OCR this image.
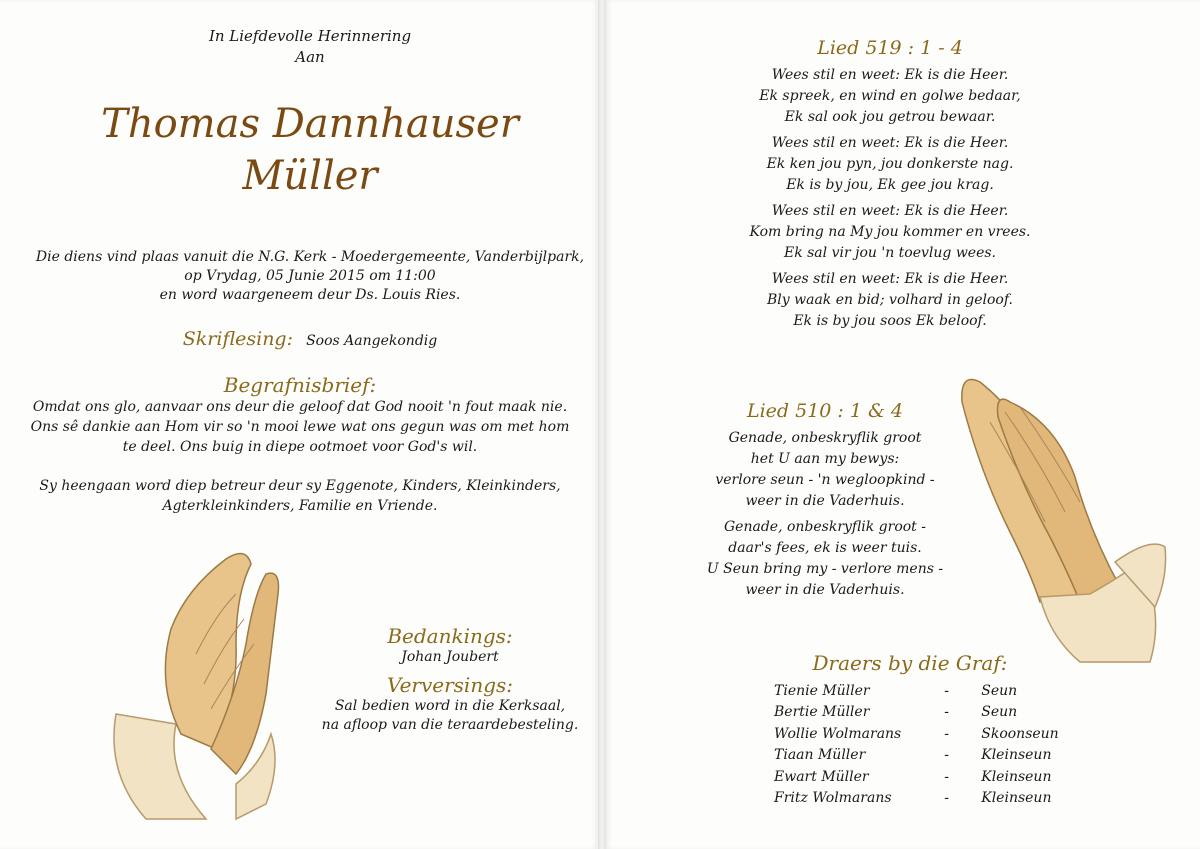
In Liefdevolle Herinnering
Aan
Thomas Dannhauser
Müller
Die diens vind plaas vanuit die N.G. Kerk - Moedergemeente, Vanderbijlpark,
op Vrydag, 05 Junie 2015 om 11:00
en word waargeneem deur Ds. Louis Ries.
Skriflesing: Soos Aangekondig
Begrafnisbrief:

Omdat ons glo, aanvaar ons deur die geloof dat God nooit 'n fout maak nie.

Ons sê dankie aan Hom vir so 'n mooi lewe wat ons gegun was om met hom

te deel. Ons buig in diepe ootmoet voor God's wil.

Sy heengaan word diep betreur deur sy Eggenote, Kinders, Kleinkinders,

Agterkleinkinders, Familie en Vriende.

Bedankings:
Johan Joubert
Verversings:
Sal bedien word in die Kerksaal,
na afloop van die teraardebesteling.
Lied 519 : 1 - 4

Wees stil en weet: Ek is die Heer.
Ek spreek, en wind en golwe bedaar,
Ek sal ook jou getrou bewaar.

Wees stil en weet: Ek is die Heer.
Ek ken jou pyn, jou donkerste nag.
Ek is by jou, Ek gee jou krag.

Wees stil en weet: Ek is die Heer.
Kom bring na My jou kommer en vrees.
Ek sal vir jou 'n toevlug wees.

Wees stil en weet: Ek is die Heer.
Bly waak en bid; volhard in geloof.
Ek is by jou soos Ek beloof.

Lied 510 : 1 & 4

Genade, onbeskryflik groot
het U aan my bewys:
verlore seun - 'n wegloopkind -
weer in die Vaderhuis.

Genade, onbeskryflik groot -
daar's fees, ek is weer tuis.
U Seun bring my - verlore mens -
weer in die Vaderhuis.

Draers by die Graf:
Tienie Müller	-	Seun
Bertie Müller	-	Seun
Wollie Wolmarans	-	Skoonseun
Tiaan Müller	-	Kleinseun
Ewart Müller	-	Kleinseun
Fritz Wolmarans	-	Kleinseun
